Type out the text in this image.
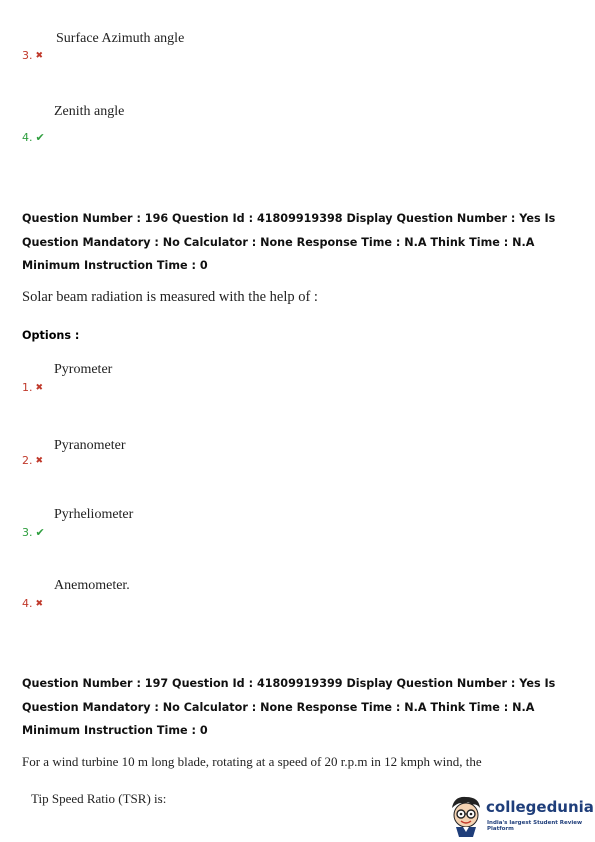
Surface Azimuth angle
3. ✖
Zenith angle
4. ✔
Question Number : 196 Question Id : 41809919398 Display Question Number : Yes Is Question Mandatory : No Calculator : None Response Time : N.A Think Time : N.A Minimum Instruction Time : 0
Solar beam radiation is measured with the help of :
Options :
Pyrometer
1. ✖
Pyranometer
2. ✖
Pyrheliometer
3. ✔
Anemometer.
4. ✖
Question Number : 197 Question Id : 41809919399 Display Question Number : Yes Is Question Mandatory : No Calculator : None Response Time : N.A Think Time : N.A Minimum Instruction Time : 0
For a wind turbine 10 m long blade, rotating at a speed of 20 r.p.m in 12 kmph wind, the
Tip Speed Ratio (TSR) is:	collegedunia
India's largest Student Review Platform
